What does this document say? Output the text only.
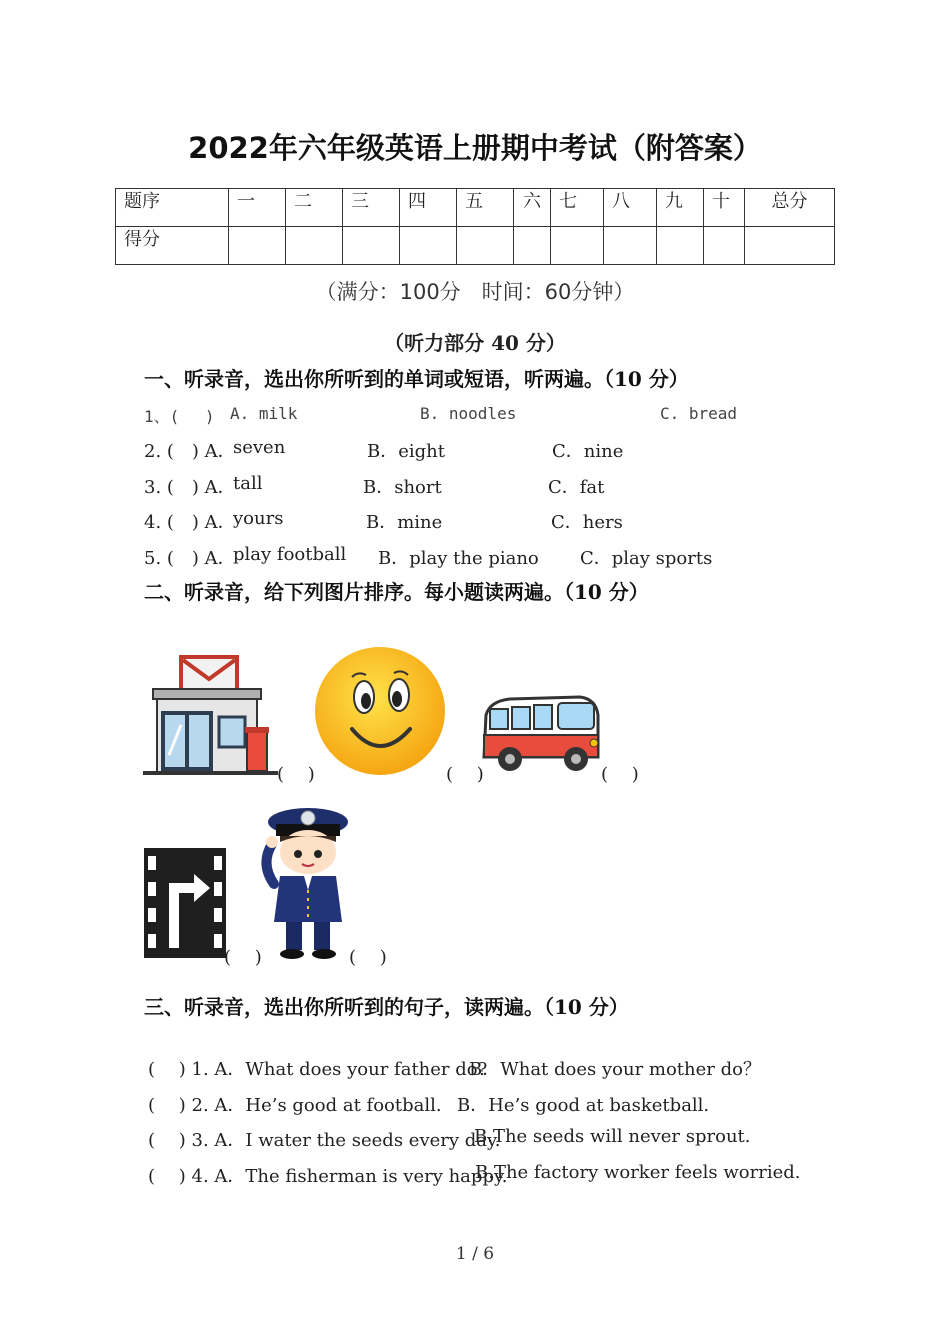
2022年六年级英语上册期中考试（附答案）
题序	一	二	三	四	五	六	七	八	九	十	总分
得分											
（满分：100分　时间：60分钟）
（听力部分 40 分）
一、听录音，选出你所听到的单词或短语，听两遍。（10 分）
1、(　 ) A. milk	B. noodles	C. bread
2. (　) A．
seven	B．eight	C．nine
3. (　) A．
tall	B．short	C．fat
4. (　) A．
yours	B．mine	C．hers
5. (　) A．
play football B．play the piano C．play sports
二、听录音，给下列图片排序。每小题读两遍。（10 分）
(　 )	(　 )	(　 )
(　 )	(　 )
三、听录音，选出你所听到的句子，读两遍。（10 分）
(　 ) 1. A．What does your father do?
B．What does your mother do？
(　 ) 2. A．He’s good at football. B．He’s good at basketball.
(　 ) 3. A．I water the seeds every day.
B.The seeds will never sprout.
(　 ) 4. A．The fisherman is very happy.
B.The factory worker feels worried.
1 / 6
